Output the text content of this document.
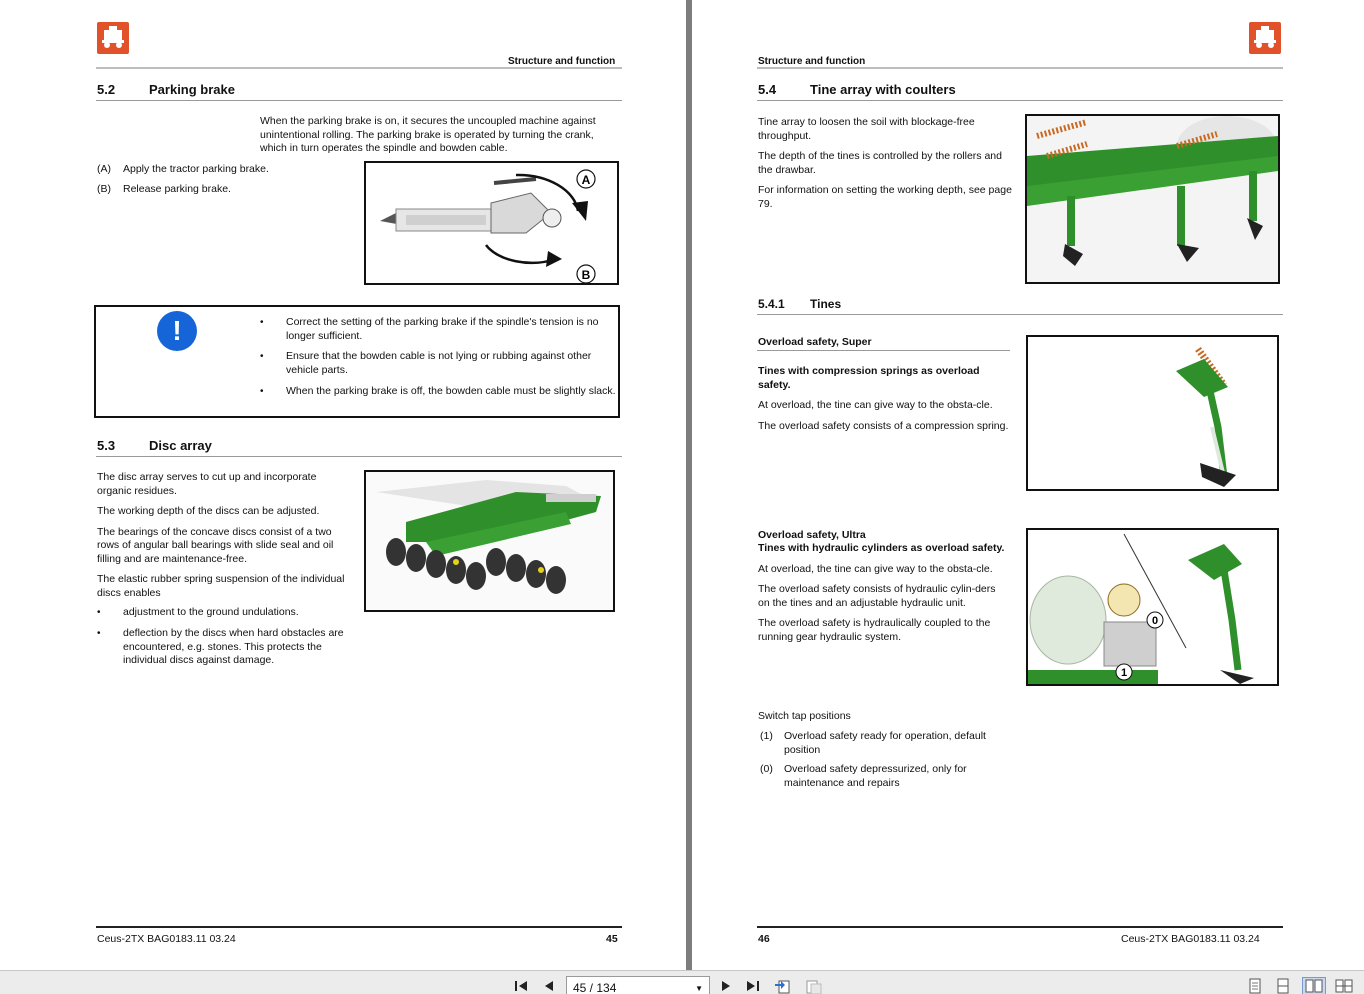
Structure and function
5.2	Parking brake
When the parking brake is on, it secures the uncoupled machine against unintentional rolling. The parking brake is operated by turning the crank, which in turn operates the spindle and bowden cable.
(A) Apply the tractor parking brake.
(B) Release parking brake.
A
B
!	• Correct the setting of the parking brake if the spindle's tension is no longer sufficient.
• Ensure that the bowden cable is not lying or rubbing against other vehicle parts.
• When the parking brake is off, the bowden cable must be slightly slack.
5.3	Disc array

The disc array serves to cut up and incorporate organic residues.

The working depth of the discs can be adjusted.

The bearings of the concave discs consist of a two rows of angular ball bearings with slide seal and oil filling and are maintenance-free.

The elastic rubber spring suspension of the individual discs enables

• adjustment to the ground undulations.
• deflection by the discs when hard obstacles are encountered, e.g. stones. This protects the individual discs against damage.
Ceus-2TX BAG0183.11 03.24	45
Structure and function
5.4	Tine array with coulters

Tine array to loosen the soil with blockage-free throughput.

The depth of the tines is controlled by the rollers and the drawbar.

For information on setting the working depth, see page 79.

5.4.1 Tines
Overload safety, Super

Tines with compression springs as overload safety.

At overload, the tine can give way to the obsta-cle.

The overload safety consists of a compression spring.

Overload safety, Ultra

Tines with hydraulic cylinders as overload safety.

At overload, the tine can give way to the obsta-cle.

The overload safety consists of hydraulic cylin-ders on the tines and an adjustable hydraulic unit.

The overload safety is hydraulically coupled to the running gear hydraulic system.

0
1
Switch tap positions
(1) Overload safety ready for operation, default position
(0) Overload safety depressurized, only for maintenance and repairs
46	Ceus-2TX BAG0183.11 03.24
45 / 134	▼
